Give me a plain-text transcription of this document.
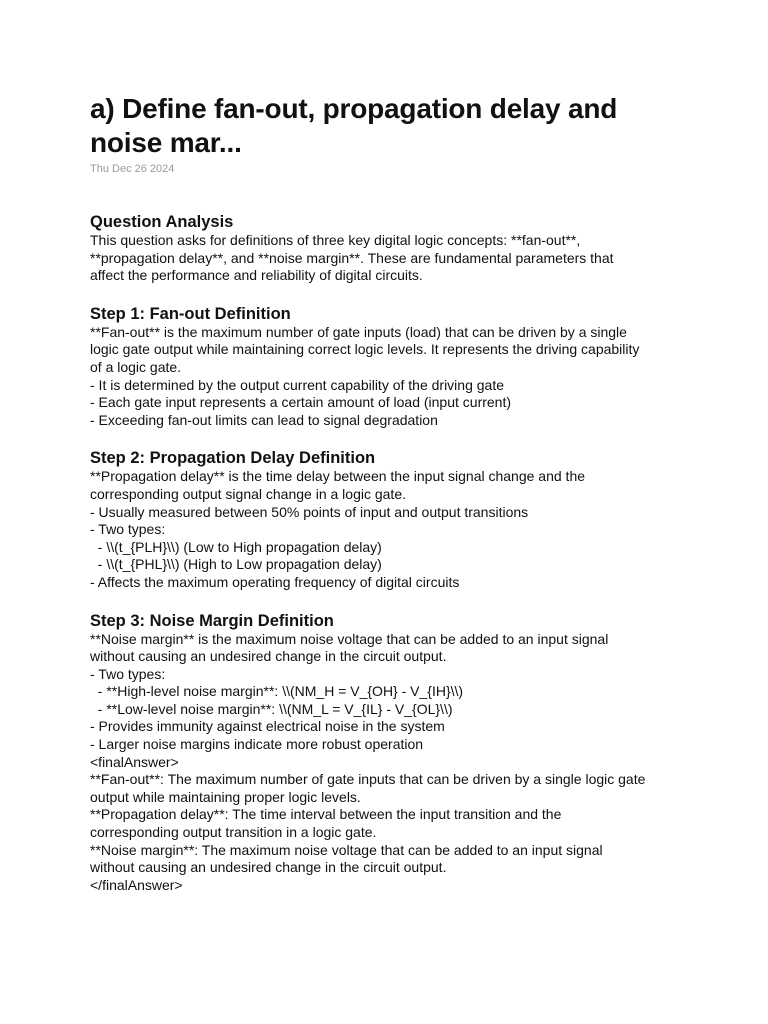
a) Define fan-out, propagation delay and
noise mar...
Thu Dec 26 2024
Question Analysis

This question asks for definitions of three key digital logic concepts: **fan-out**,

**propagation delay**, and **noise margin**. These are fundamental parameters that

affect the performance and reliability of digital circuits.

Step 1: Fan-out Definition

**Fan-out** is the maximum number of gate inputs (load) that can be driven by a single

logic gate output while maintaining correct logic levels. It represents the driving capability

of a logic gate.

- It is determined by the output current capability of the driving gate

- Each gate input represents a certain amount of load (input current)

- Exceeding fan-out limits can lead to signal degradation

Step 2: Propagation Delay Definition

**Propagation delay** is the time delay between the input signal change and the

corresponding output signal change in a logic gate.

- Usually measured between 50% points of input and output transitions

- Two types:

- \\(t_{PLH}\\) (Low to High propagation delay)

- \\(t_{PHL}\\) (High to Low propagation delay)

- Affects the maximum operating frequency of digital circuits

Step 3: Noise Margin Definition

**Noise margin** is the maximum noise voltage that can be added to an input signal

without causing an undesired change in the circuit output.

- Two types:

- **High-level noise margin**: \\(NM_H = V_{OH} - V_{IH}\\)

- **Low-level noise margin**: \\(NM_L = V_{IL} - V_{OL}\\)

- Provides immunity against electrical noise in the system

- Larger noise margins indicate more robust operation

<finalAnswer>

**Fan-out**: The maximum number of gate inputs that can be driven by a single logic gate

output while maintaining proper logic levels.

**Propagation delay**: The time interval between the input transition and the

corresponding output transition in a logic gate.

**Noise margin**: The maximum noise voltage that can be added to an input signal

without causing an undesired change in the circuit output.

</finalAnswer>
